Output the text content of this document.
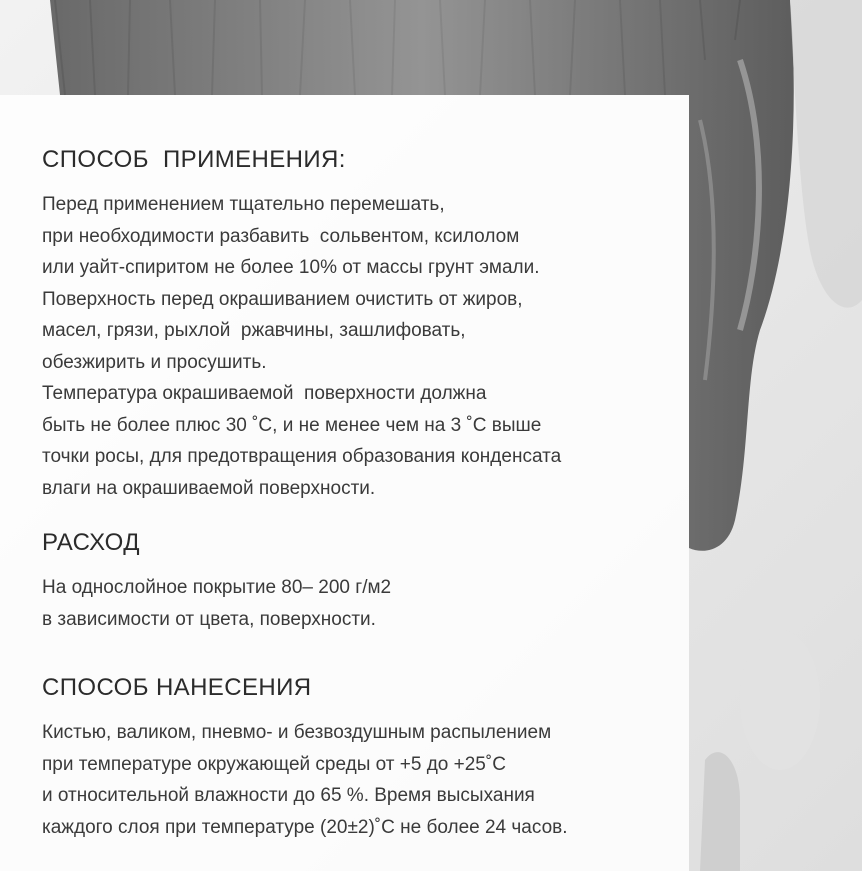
СПОСОБ  ПРИМЕНЕНИЯ:
Перед применением тщательно перемешать,
при необходимости разбавить  сольвентом, ксилолом
или уайт-спиритом не более 10% от массы грунт эмали.
Поверхность перед окрашиванием очистить от жиров,
масел, грязи, рыхлой  ржавчины, зашлифовать,
обезжирить и просушить.
Температура окрашиваемой  поверхности должна
быть не более плюс 30 ˚С, и не менее чем на 3 ˚С выше
точки росы, для предотвращения образования конденсата
влаги на окрашиваемой поверхности.
РАСХОД
На однослойное покрытие 80– 200 г/м2
в зависимости от цвета, поверхности.
СПОСОБ НАНЕСЕНИЯ
Кистью, валиком, пневмо- и безвоздушным распылением
при температуре окружающей среды от +5 до +25˚С
и относительной влажности до 65 %. Время высыхания
каждого слоя при температуре (20±2)˚С не более 24 часов.
